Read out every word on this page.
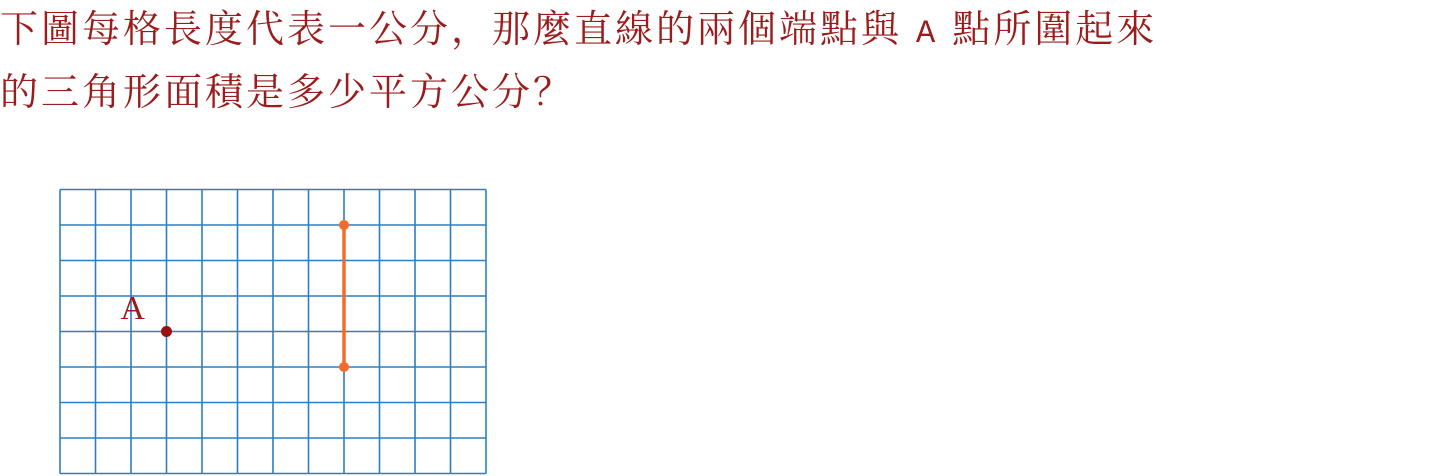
下圖每格長度代表一公分，那麼直線的兩個端點與 A 點所圍起來
的三角形面積是多少平方公分？
A
